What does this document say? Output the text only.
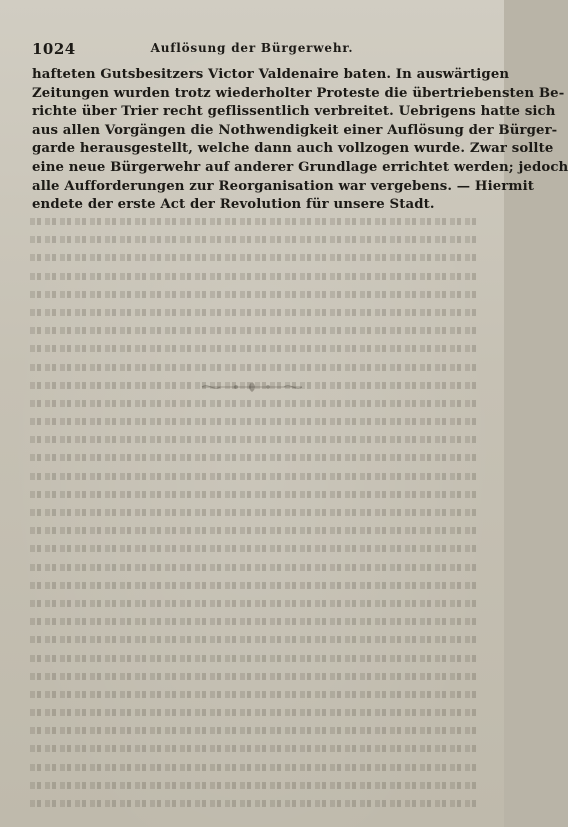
1024	Auflösung der Bürgerwehr.
hafteten Gutsbesitzers Victor Valdenaire baten. In auswärtigen
Zeitungen wurden trotz wiederholter Proteste die übertriebensten Be-
richte über Trier recht geflissentlich verbreitet. Uebrigens hatte sich
aus allen Vorgängen die Nothwendigkeit einer Auflösung der Bürger-
garde herausgestellt, welche dann auch vollzogen wurde. Zwar sollte
eine neue Bürgerwehr auf anderer Grundlage errichtet werden; jedoch
alle Aufforderungen zur Reorganisation war vergebens. — Hiermit
endete der erste Act der Revolution für unsere Stadt.
